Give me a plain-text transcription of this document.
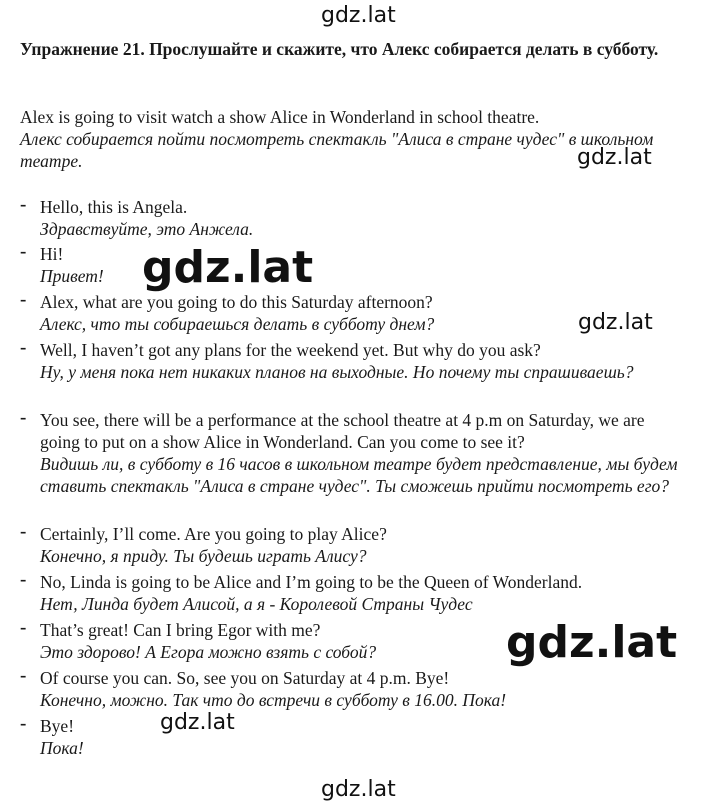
Упражнение 21. Прослушайте и скажите, что Алекс собирается делать в субботу.
Alex is going to visit watch a show Alice in Wonderland in school theatre.
Алекс собирается пойти посмотреть спектакль "Алиса в стране чудес" в школьном театре.
- Hello, this is Angela.
Здравствуйте, это Анжела.
- Hi!
Привет!
- Alex, what are you going to do this Saturday afternoon?
Алекс, что ты собираешься делать в субботу днем?
- Well, I haven’t got any plans for the weekend yet. But why do you ask?
Ну, у меня пока нет никаких планов на выходные. Но почему ты спрашиваешь?
- You see, there will be a performance at the school theatre at 4 p.m on Saturday, we are going to put on a show Alice in Wonderland. Can you come to see it?
Видишь ли, в субботу в 16 часов в школьном театре будет представление, мы будем ставить спектакль "Алиса в стране чудес". Ты сможешь прийти посмотреть его?
- Certainly, I’ll come. Are you going to play Alice?
Конечно, я приду. Ты будешь играть Алису?
- No, Linda is going to be Alice and I’m going to be the Queen of Wonderland.
Нет, Линда будет Алисой, а я - Королевой Страны Чудес
- That’s great! Can I bring Egor with me?
Это здорово! А Егора можно взять с собой?
- Of course you can. So, see you on Saturday at 4 p.m. Bye!
Конечно, можно. Так что до встречи в субботу в 16.00. Пока!
- Bye!
Пока!
gdz.lat
gdz.lat
gdz.lat
gdz.lat
gdz.lat
gdz.lat
gdz.lat
